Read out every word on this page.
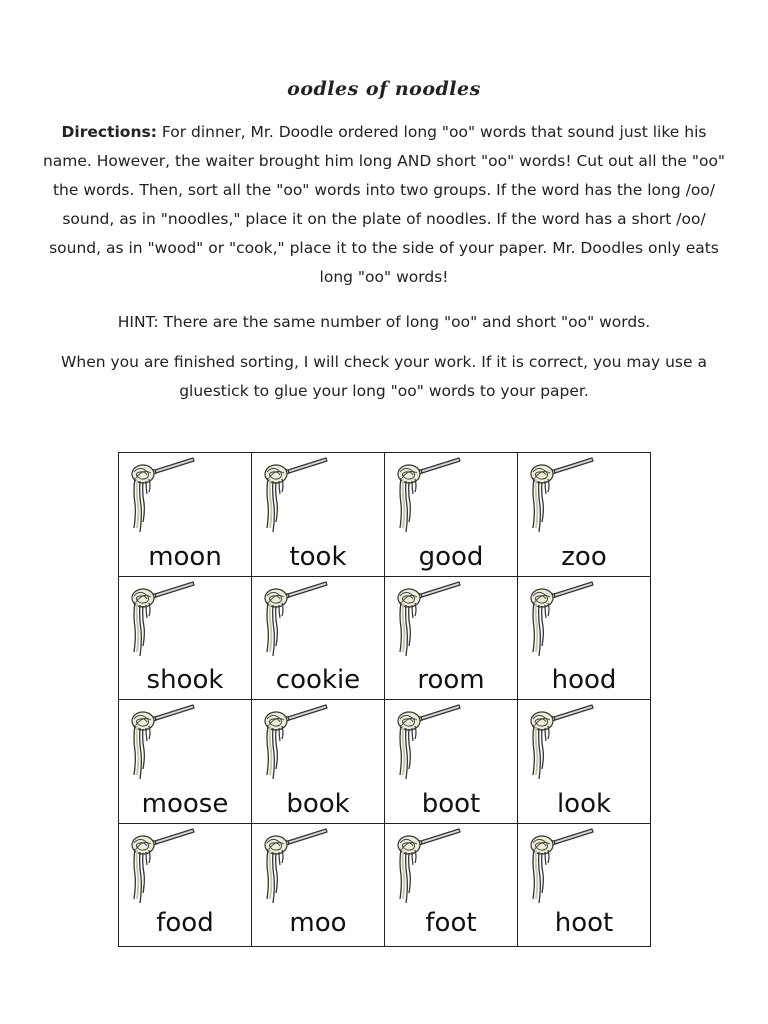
oodles of noodles
Directions: For dinner, Mr. Doodle ordered long "oo" words that sound just like his name. However, the waiter brought him long AND short "oo" words! Cut out all the "oo" the words. Then, sort all the "oo" words into two groups. If the word has the long /oo/ sound, as in "noodles," place it on the plate of noodles. If the word has a short /oo/ sound, as in "wood" or "cook," place it to the side of your paper. Mr. Doodles only eats long "oo" words!
HINT: There are the same number of long "oo" and short "oo" words.
When you are finished sorting, I will check your work. If it is correct, you may use a gluestick to glue your long "oo" words to your paper.
moon	took	good	zoo
shook	cookie	room	hood
moose	book	boot	look
food	moo	foot	hoot
